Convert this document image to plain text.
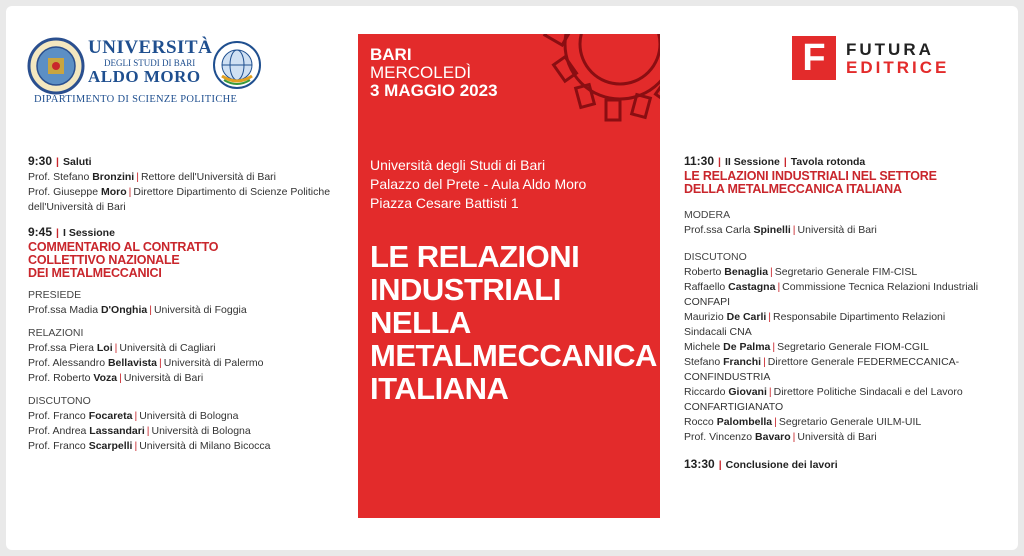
UNIVERSITÀ
DEGLI STUDI DI BARI
ALDO MORO
DIPARTIMENTO DI SCIENZE POLITICHE
F	FUTURA
EDITRICE
BARI
MERCOLEDÌ
3 MAGGIO 2023
Università degli Studi di Bari
Palazzo del Prete - Aula Aldo Moro
Piazza Cesare Battisti 1
LE RELAZIONI
INDUSTRIALI
NELLA
METALMECCANICA
ITALIANA
9:30 | Saluti
Prof. Stefano Bronzini | Rettore dell'Università di Bari
Prof. Giuseppe Moro | Direttore Dipartimento di Scienze Politiche
dell'Università di Bari
9:45 | I Sessione
COMMENTARIO AL CONTRATTO
COLLETTIVO NAZIONALE
DEI METALMECCANICI
PRESIEDE
Prof.ssa Madia D'Onghia | Università di Foggia
RELAZIONI
Prof.ssa Piera Loi | Università di Cagliari
Prof. Alessandro Bellavista | Università di Palermo
Prof. Roberto Voza | Università di Bari
DISCUTONO
Prof. Franco Focareta | Università di Bologna
Prof. Andrea Lassandari | Università di Bologna
Prof. Franco Scarpelli | Università di Milano Bicocca
11:30 | II Sessione | Tavola rotonda
LE RELAZIONI INDUSTRIALI NEL SETTORE
DELLA METALMECCANICA ITALIANA
MODERA
Prof.ssa Carla Spinelli | Università di Bari
DISCUTONO
Roberto Benaglia | Segretario Generale FIM-CISL
Raffaello Castagna | Commissione Tecnica Relazioni Industriali
CONFAPI
Maurizio De Carli | Responsabile Dipartimento Relazioni
Sindacali CNA
Michele De Palma | Segretario Generale FIOM-CGIL
Stefano Franchi | Direttore Generale FEDERMECCANICA-
CONFINDUSTRIA
Riccardo Giovani | Direttore Politiche Sindacali e del Lavoro
CONFARTIGIANATO
Rocco Palombella | Segretario Generale UILM-UIL
Prof. Vincenzo Bavaro | Università di Bari
13:30 | Conclusione dei lavori
